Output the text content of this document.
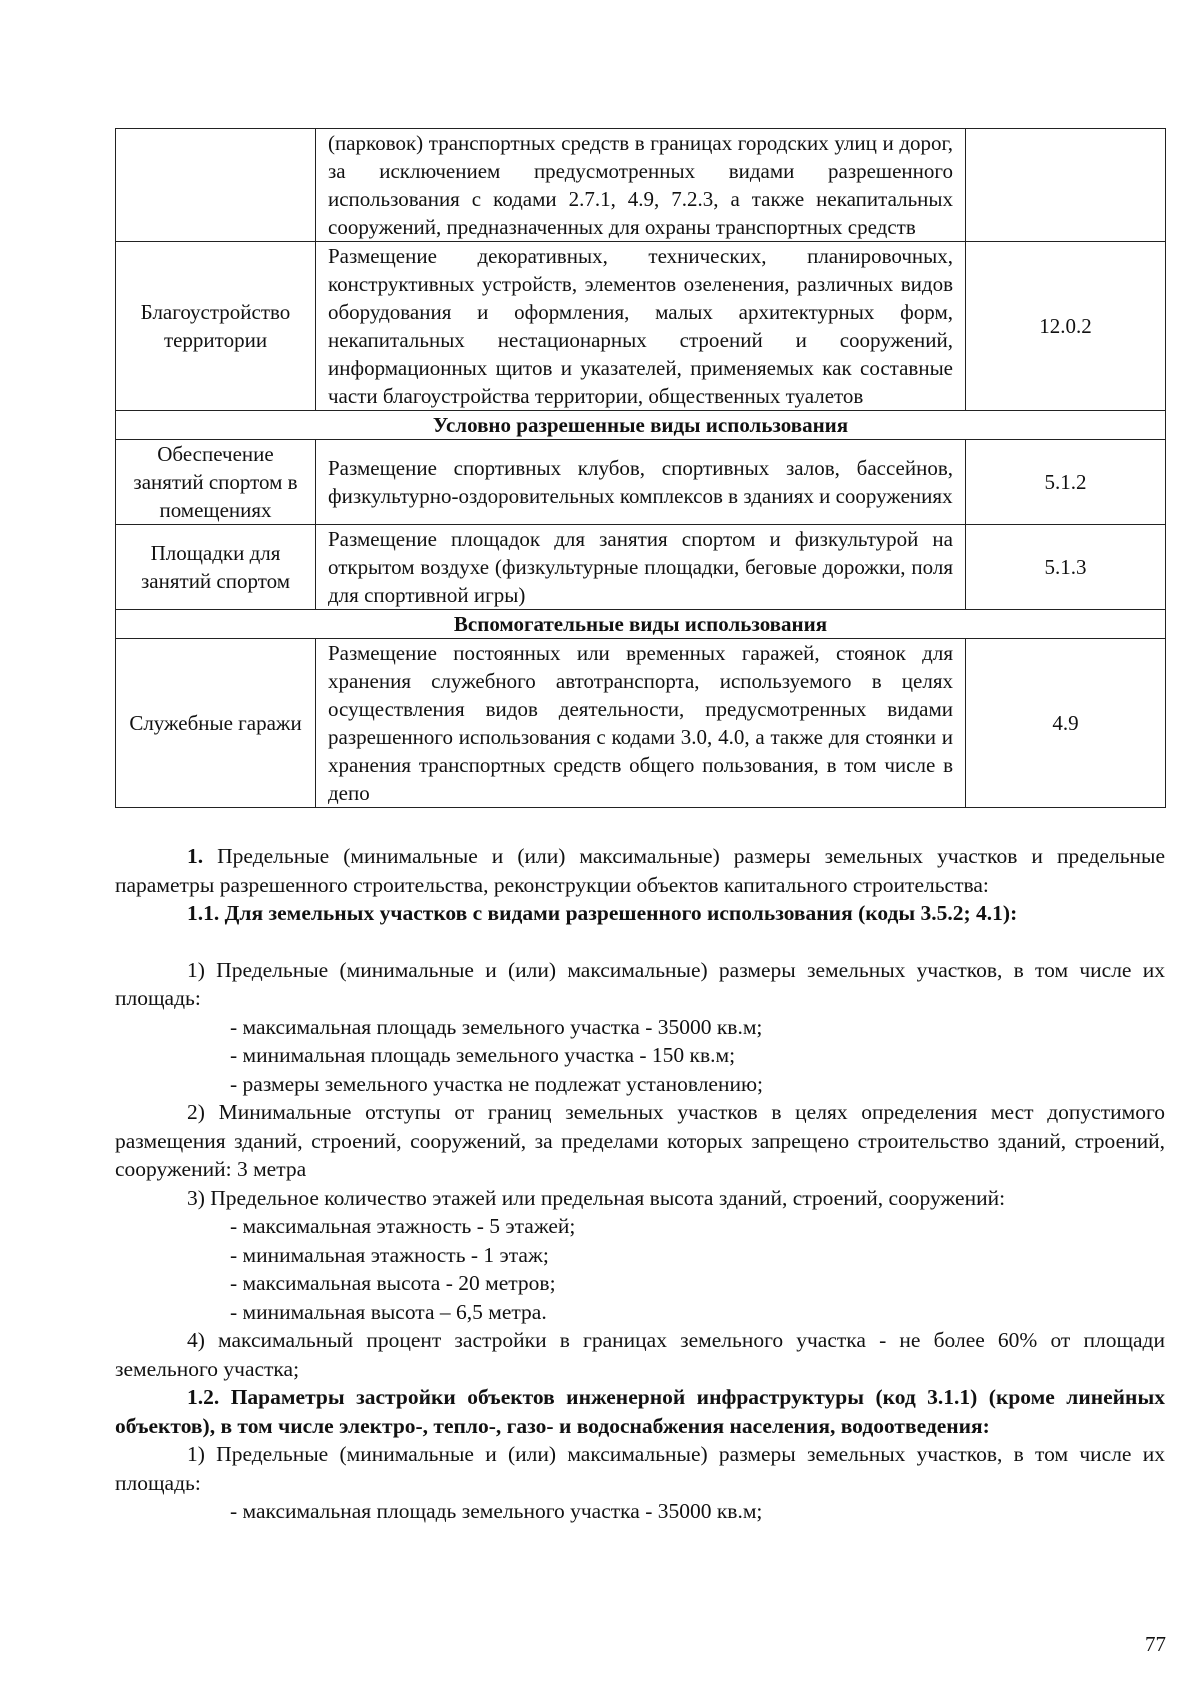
	(парковок) транспортных средств в границах городских улиц и дорог, за исключением предусмотренных видами разрешенного использования с кодами 2.7.1, 4.9, 7.2.3, а также некапитальных сооружений, предназначенных для охраны транспортных средств	
Благоустройство территории	Размещение декоративных, технических, планировочных, конструктивных устройств, элементов озеленения, различных видов оборудования и оформления, малых архитектурных форм, некапитальных нестационарных строений и сооружений, информационных щитов и указателей, применяемых как составные части благоустройства территории, общественных туалетов	12.0.2
Условно разрешенные виды использования		
Обеспечение занятий спортом в помещениях	Размещение спортивных клубов, спортивных залов, бассейнов, физкультурно-оздоровительных комплексов в зданиях и сооружениях	5.1.2
Площадки для занятий спортом	Размещение площадок для занятия спортом и физкультурой на открытом воздухе (физкультурные площадки, беговые дорожки, поля для спортивной игры)	5.1.3
Вспомогательные виды использования		
Служебные гаражи	Размещение постоянных или временных гаражей, стоянок для хранения служебного автотранспорта, используемого в целях осуществления видов деятельности, предусмотренных видами разрешенного использования с кодами 3.0, 4.0, а также для стоянки и хранения транспортных средств общего пользования, в том числе в депо	4.9

1. Предельные (минимальные и (или) максимальные) размеры земельных участков и предельные параметры разрешенного строительства, реконструкции объектов капитального строительства:

1.1. Для земельных участков с видами разрешенного использования (коды 3.5.2; 4.1):

1) Предельные (минимальные и (или) максимальные) размеры земельных участков, в том числе их площадь:

- максимальная площадь земельного участка - 35000 кв.м;

- минимальная площадь земельного участка - 150 кв.м;

- размеры земельного участка не подлежат установлению;

2) Минимальные отступы от границ земельных участков в целях определения мест допустимого размещения зданий, строений, сооружений, за пределами которых запрещено строительство зданий, строений, сооружений: 3 метра

3) Предельное количество этажей или предельная высота зданий, строений, сооружений:

- максимальная этажность - 5 этажей;

- минимальная этажность - 1 этаж;

- максимальная высота - 20 метров;

- минимальная высота – 6,5 метра.

4) максимальный процент застройки в границах земельного участка - не более 60% от площади земельного участка;

1.2. Параметры застройки объектов инженерной инфраструктуры (код 3.1.1) (кроме линейных объектов), в том числе электро-, тепло-, газо- и водоснабжения населения, водоотведения:

1) Предельные (минимальные и (или) максимальные) размеры земельных участков, в том числе их площадь:

- максимальная площадь земельного участка - 35000 кв.м;

77
